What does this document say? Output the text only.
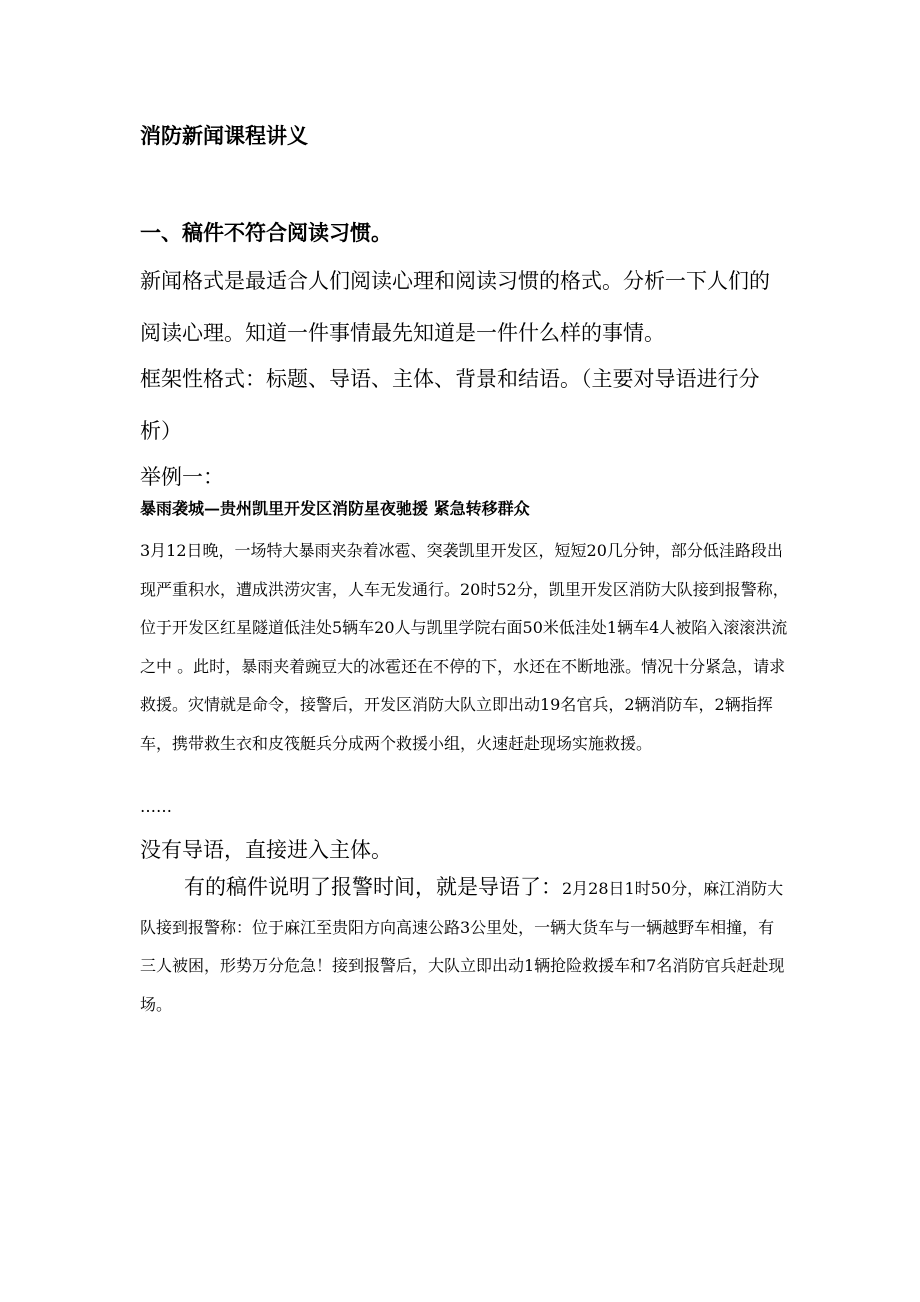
消防新闻课程讲义
一、稿件不符合阅读习惯。

新闻格式是最适合人们阅读心理和阅读习惯的格式。分析一下人们的阅读心理。知道一件事情最先知道是一件什么样的事情。

框架性格式：标题、导语、主体、背景和结语。（主要对导语进行分析）

举例一：

暴雨袭城—贵州凯里开发区消防星夜驰援 紧急转移群众

3月12日晚，一场特大暴雨夹杂着冰雹、突袭凯里开发区，短短20几分钟，部分低洼路段出现严重积水，遭成洪涝灾害，人车无发通行。20时52分，凯里开发区消防大队接到报警称，位于开发区红星隧道低洼处5辆车20人与凯里学院右面50米低洼处1辆车4人被陷入滚滚洪流之中 。此时，暴雨夹着豌豆大的冰雹还在不停的下，水还在不断地涨。情况十分紧急，请求救援。灾情就是命令，接警后，开发区消防大队立即出动19名官兵，2辆消防车，2辆指挥车，携带救生衣和皮筏艇兵分成两个救援小组，火速赶赴现场实施救援。

……

没有导语，直接进入主体。

有的稿件说明了报警时间，就是导语了：2月28日1时50分，麻江消防大队接到报警称：位于麻江至贵阳方向高速公路3公里处，一辆大货车与一辆越野车相撞，有三人被困，形势万分危急！接到报警后，大队立即出动1辆抢险救援车和7名消防官兵赶赴现场。
